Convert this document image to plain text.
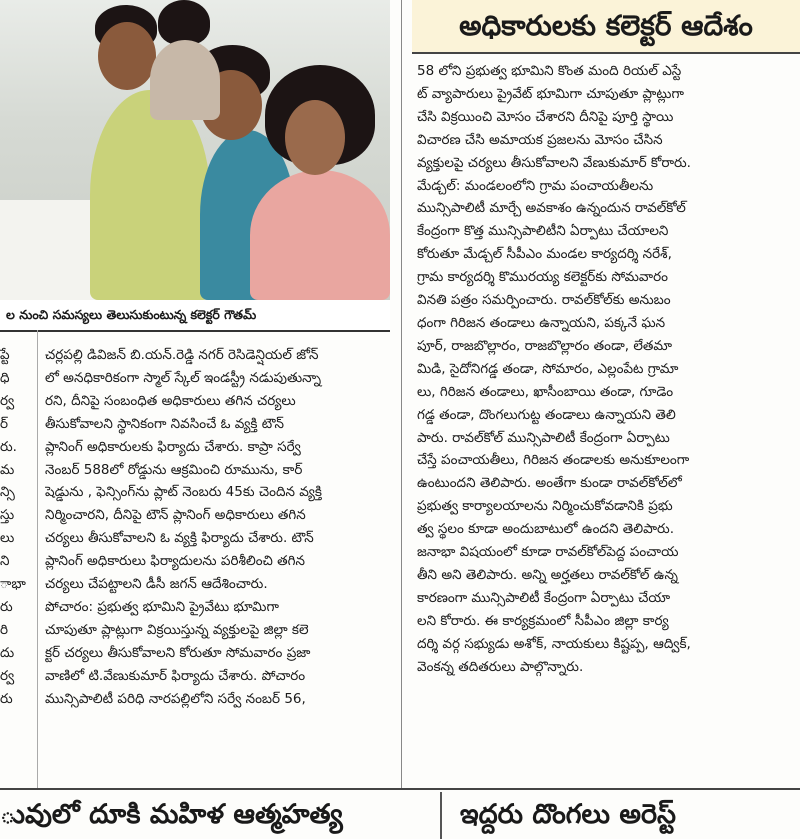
ల నుంచి సమస్యలు తెలుసుకుంటున్న కలెక్టర్ గౌతమ్
అధికారులకు కలెక్టర్ ఆదేశం
58 లోని ప్రభుత్వ భూమిని కొంత మంది రియల్ ఎస్టే
ట్ వ్యాపారులు ప్రైవేట్ భూమిగా చూపుతూ ప్లాట్లుగా
చేసి విక్రయించి మోసం చేశారని దీనిపై పూర్తి స్థాయి
విచారణ చేసి అమాయక ప్రజలను మోసం చేసిన
వ్యక్తులపై చర్యలు తీసుకోవాలని వేణుకుమార్ కోరారు.
మేడ్చల్: మండలంలోని గ్రామ పంచాయతీలను
మున్సిపాలిటీ మార్చే అవకాశం ఉన్నందున రావల్‌కోల్
కేంద్రంగా కొత్త మున్సిపాలిటీని ఏర్పాటు చేయాలని
కోరుతూ మేడ్చల్ సీపీఎం మండల కార్యదర్శి నరేశ్,
గ్రామ కార్యదర్శి కొమురయ్య కలెక్టర్‌కు సోమవారం
వినతి పత్రం సమర్పించారు. రావల్‌కోల్‌కు అనుబం
ధంగా గిరిజన తండాలు ఉన్నాయని, పక్కనే ఘన
పూర్, రాజబొల్లారం, రాజబొల్లారం తండా, లేతమా
మిడి, సైదోనిగడ్డ తండా, సోమారం, ఎల్లంపేట గ్రామా
లు, గిరిజన తండాలు, ఖాసీంబాయి తండా, గూడెం
గడ్డ తండా, దొంగలుగుట్ట తండాలు ఉన్నాయని తెలి
పారు. రావల్‌కోల్ మున్సిపాలిటీ కేంద్రంగా ఏర్పాటు
చేస్తే పంచాయతీలు, గిరిజన తండాలకు అనుకూలంగా
ఉంటుందని తెలిపారు. అంతేగా కుండా రావల్‌కోల్‌లో
ప్రభుత్వ కార్యాలయాలను నిర్మించుకోవడానికి ప్రభు
త్వ స్థలం కూడా అందుబాటులో ఉందని తెలిపారు.
జనాభా విషయంలో కూడా రావల్‌కోల్‌పెద్ద పంచాయ
తీని అని తెలిపారు. అన్ని అర్హతలు రావల్‌కోల్ ఉన్న
కారణంగా మున్సిపాలిటీ కేంద్రంగా ఏర్పాటు చేయా
లని కోరారు. ఈ కార్యక్రమంలో సీపీఎం జిల్లా కార్య
దర్శి వర్గ సభ్యుడు అశోక్, నాయకులు కిష్టప్ప, ఆద్విక్,
వెంకన్న తదితరులు పాల్గొన్నారు.
చర్లపల్లి డివిజన్ బి.యన్.రెడ్డి నగర్ రెసిడెన్షియల్ జోన్
లో అనధికారికంగా స్మాల్ స్కేల్ ఇండస్ట్రీ నడుపుతున్నా
రని, దీనిపై సంబంధిత అధికారులు తగిన చర్యలు
తీసుకోవాలని స్థానికంగా నివసించే ఓ వ్యక్తి టౌన్
ప్లానింగ్ అధికారులకు ఫిర్యాదు చేశారు. కాప్రా సర్వే
నెంబర్ 588లో రోడ్డును ఆక్రమించి రూమును, కార్
షెడ్డును , ఫెన్సింగ్‌ను ప్లాట్ నెంబరు 45కు చెందిన వ్యక్తి
నిర్మించారని, దీనిపై టౌన్ ప్లానింగ్ అధికారులు తగిన
చర్యలు తీసుకోవాలని ఓ వ్యక్తి ఫిర్యాదు చేశారు. టౌన్
ప్లానింగ్ అధికారులు ఫిర్యాదులను పరిశీలించి తగిన
చర్యలు చేపట్టాలని డీసీ జగన్ ఆదేశించారు.
పోచారం: ప్రభుత్వ భూమిని ప్రైవేటు భూమిగా
చూపుతూ ప్లాట్లుగా విక్రయిస్తున్న వ్యక్తులపై జిల్లా కలె
క్టర్ చర్యలు తీసుకోవాలని కోరుతూ సోమవారం ప్రజా
వాణిలో టి.వేణుకుమార్ ఫిర్యాదు చేశారు. పోచారం
మున్సిపాలిటీ పరిధి నారపల్లిలోని సర్వే నంబర్ 56,
ప్టే
ధి
ర్వ
ర్
రు.
మ
న్సి
స్తు
లు
ని
ాభా
రు
రి
దు
ర్వ
రు
ువులో దూకి మహిళ ఆత్మహత్య	ఇద్దరు దొంగలు అరెస్ట్
